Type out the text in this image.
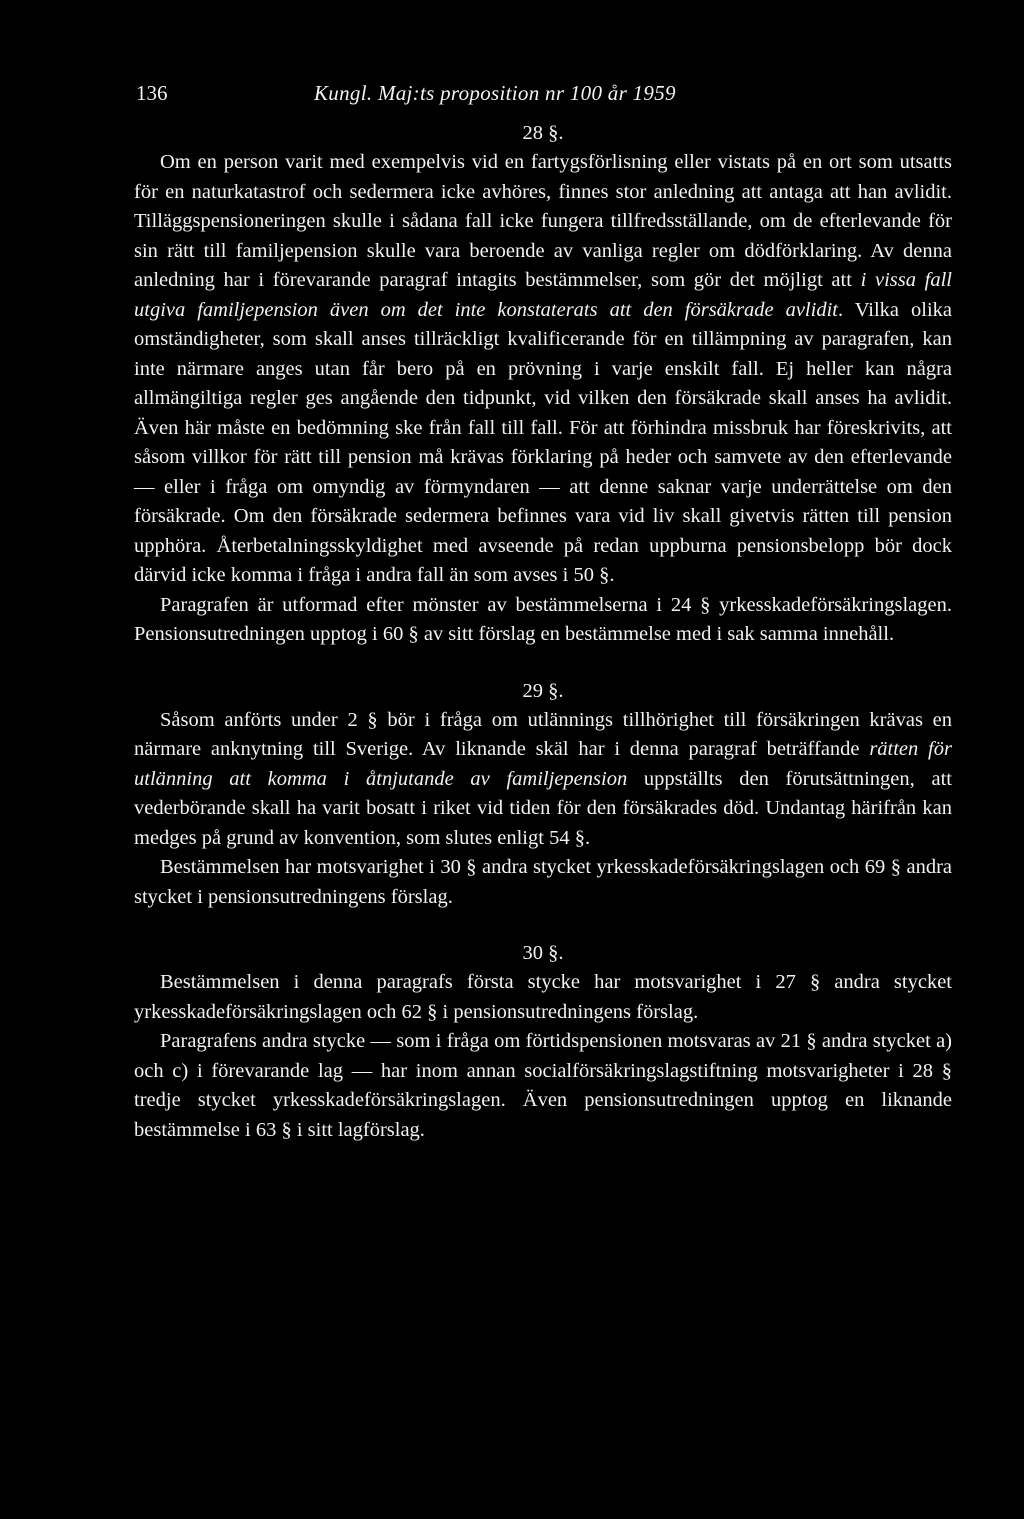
136	Kungl. Maj:ts proposition nr 100 år 1959
28 §.

Om en person varit med exempelvis vid en fartygsförlisning eller vistats på en ort som utsatts för en naturkatastrof och sedermera icke avhöres, finnes stor anledning att antaga att han avlidit. Tilläggspensioneringen skulle i sådana fall icke fungera tillfredsställande, om de efterlevande för sin rätt till familjepension skulle vara beroende av vanliga regler om dödförklaring. Av denna anledning har i förevarande paragraf intagits bestämmelser, som gör det möjligt att i vissa fall utgiva familjepension även om det inte konstaterats att den försäkrade avlidit. Vilka olika omständigheter, som skall anses tillräckligt kvalificerande för en tillämpning av paragrafen, kan inte närmare anges utan får bero på en prövning i varje enskilt fall. Ej heller kan några allmängiltiga regler ges angående den tidpunkt, vid vilken den försäkrade skall anses ha avlidit. Även här måste en bedömning ske från fall till fall. För att förhindra missbruk har föreskrivits, att såsom villkor för rätt till pension må krävas förklaring på heder och samvete av den efterlevande — eller i fråga om omyndig av förmyndaren — att denne saknar varje underrättelse om den försäkrade. Om den försäkrade sedermera befinnes vara vid liv skall givetvis rätten till pension upphöra. Återbetalningsskyldighet med avseende på redan uppburna pensionsbelopp bör dock därvid icke komma i fråga i andra fall än som avses i 50 §.

Paragrafen är utformad efter mönster av bestämmelserna i 24 § yrkesskadeförsäkringslagen. Pensionsutredningen upptog i 60 § av sitt förslag en bestämmelse med i sak samma innehåll.

29 §.

Såsom anförts under 2 § bör i fråga om utlännings tillhörighet till försäkringen krävas en närmare anknytning till Sverige. Av liknande skäl har i denna paragraf beträffande rätten för utlänning att komma i åtnjutande av familjepension uppställts den förutsättningen, att vederbörande skall ha varit bosatt i riket vid tiden för den försäkrades död. Undantag härifrån kan medges på grund av konvention, som slutes enligt 54 §.

Bestämmelsen har motsvarighet i 30 § andra stycket yrkesskadeförsäkringslagen och 69 § andra stycket i pensionsutredningens förslag.

30 §.

Bestämmelsen i denna paragrafs första stycke har motsvarighet i 27 § andra stycket yrkesskadeförsäkringslagen och 62 § i pensionsutredningens förslag.

Paragrafens andra stycke — som i fråga om förtidspensionen motsvaras av 21 § andra stycket a) och c) i förevarande lag — har inom annan socialförsäkringslagstiftning motsvarigheter i 28 § tredje stycket yrkesskadeförsäkringslagen. Även pensionsutredningen upptog en liknande bestämmelse i 63 § i sitt lagförslag.
